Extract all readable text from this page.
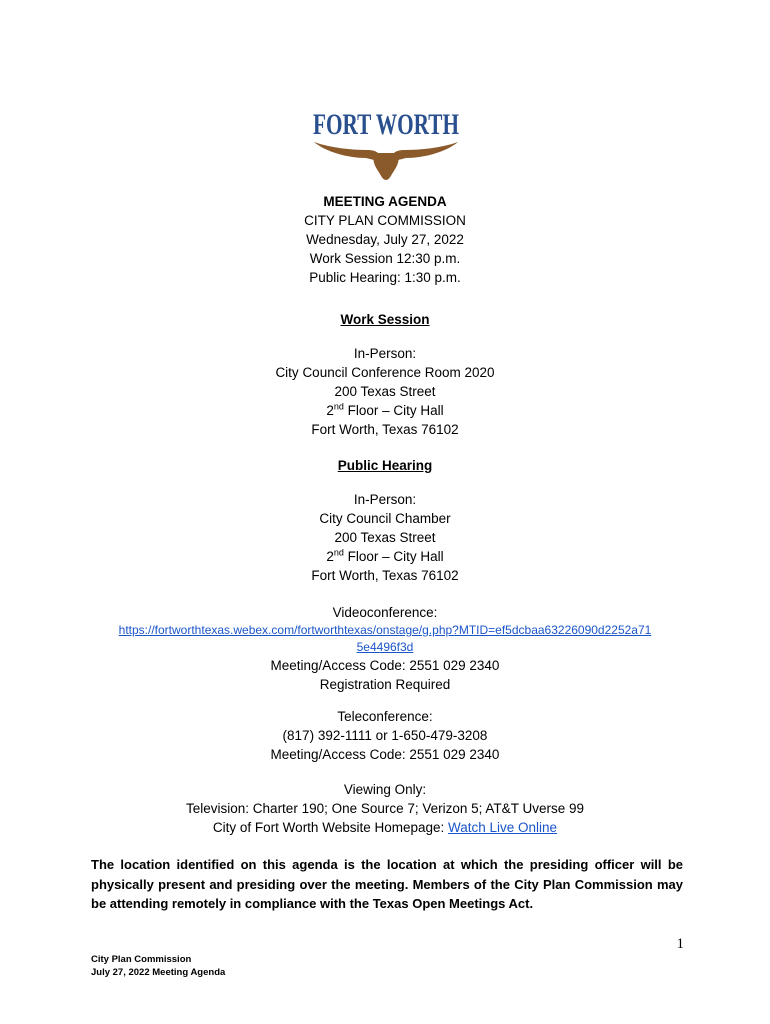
FORT WORTH
MEETING AGENDA
CITY PLAN COMMISSION
Wednesday, July 27, 2022
Work Session 12:30 p.m.
Public Hearing: 1:30 p.m.
Work Session
In-Person:
City Council Conference Room 2020
200 Texas Street
2nd Floor – City Hall
Fort Worth, Texas 76102
Public Hearing
In-Person:
City Council Chamber
200 Texas Street
2nd Floor – City Hall
Fort Worth, Texas 76102
Videoconference:
https://fortworthtexas.webex.com/fortworthtexas/onstage/g.php?MTID=ef5dcbaa63226090d2252a71
5e4496f3d
Meeting/Access Code: 2551 029 2340
Registration Required
Teleconference:
(817) 392-1111 or 1-650-479-3208
Meeting/Access Code: 2551 029 2340
Viewing Only:
Television: Charter 190; One Source 7; Verizon 5; AT&T Uverse 99
City of Fort Worth Website Homepage: Watch Live Online
The location identified on this agenda is the location at which the presiding officer will be physically present and presiding over the meeting. Members of the City Plan Commission may be attending remotely in compliance with the Texas Open Meetings Act.
1
City Plan Commission
July 27, 2022 Meeting Agenda
